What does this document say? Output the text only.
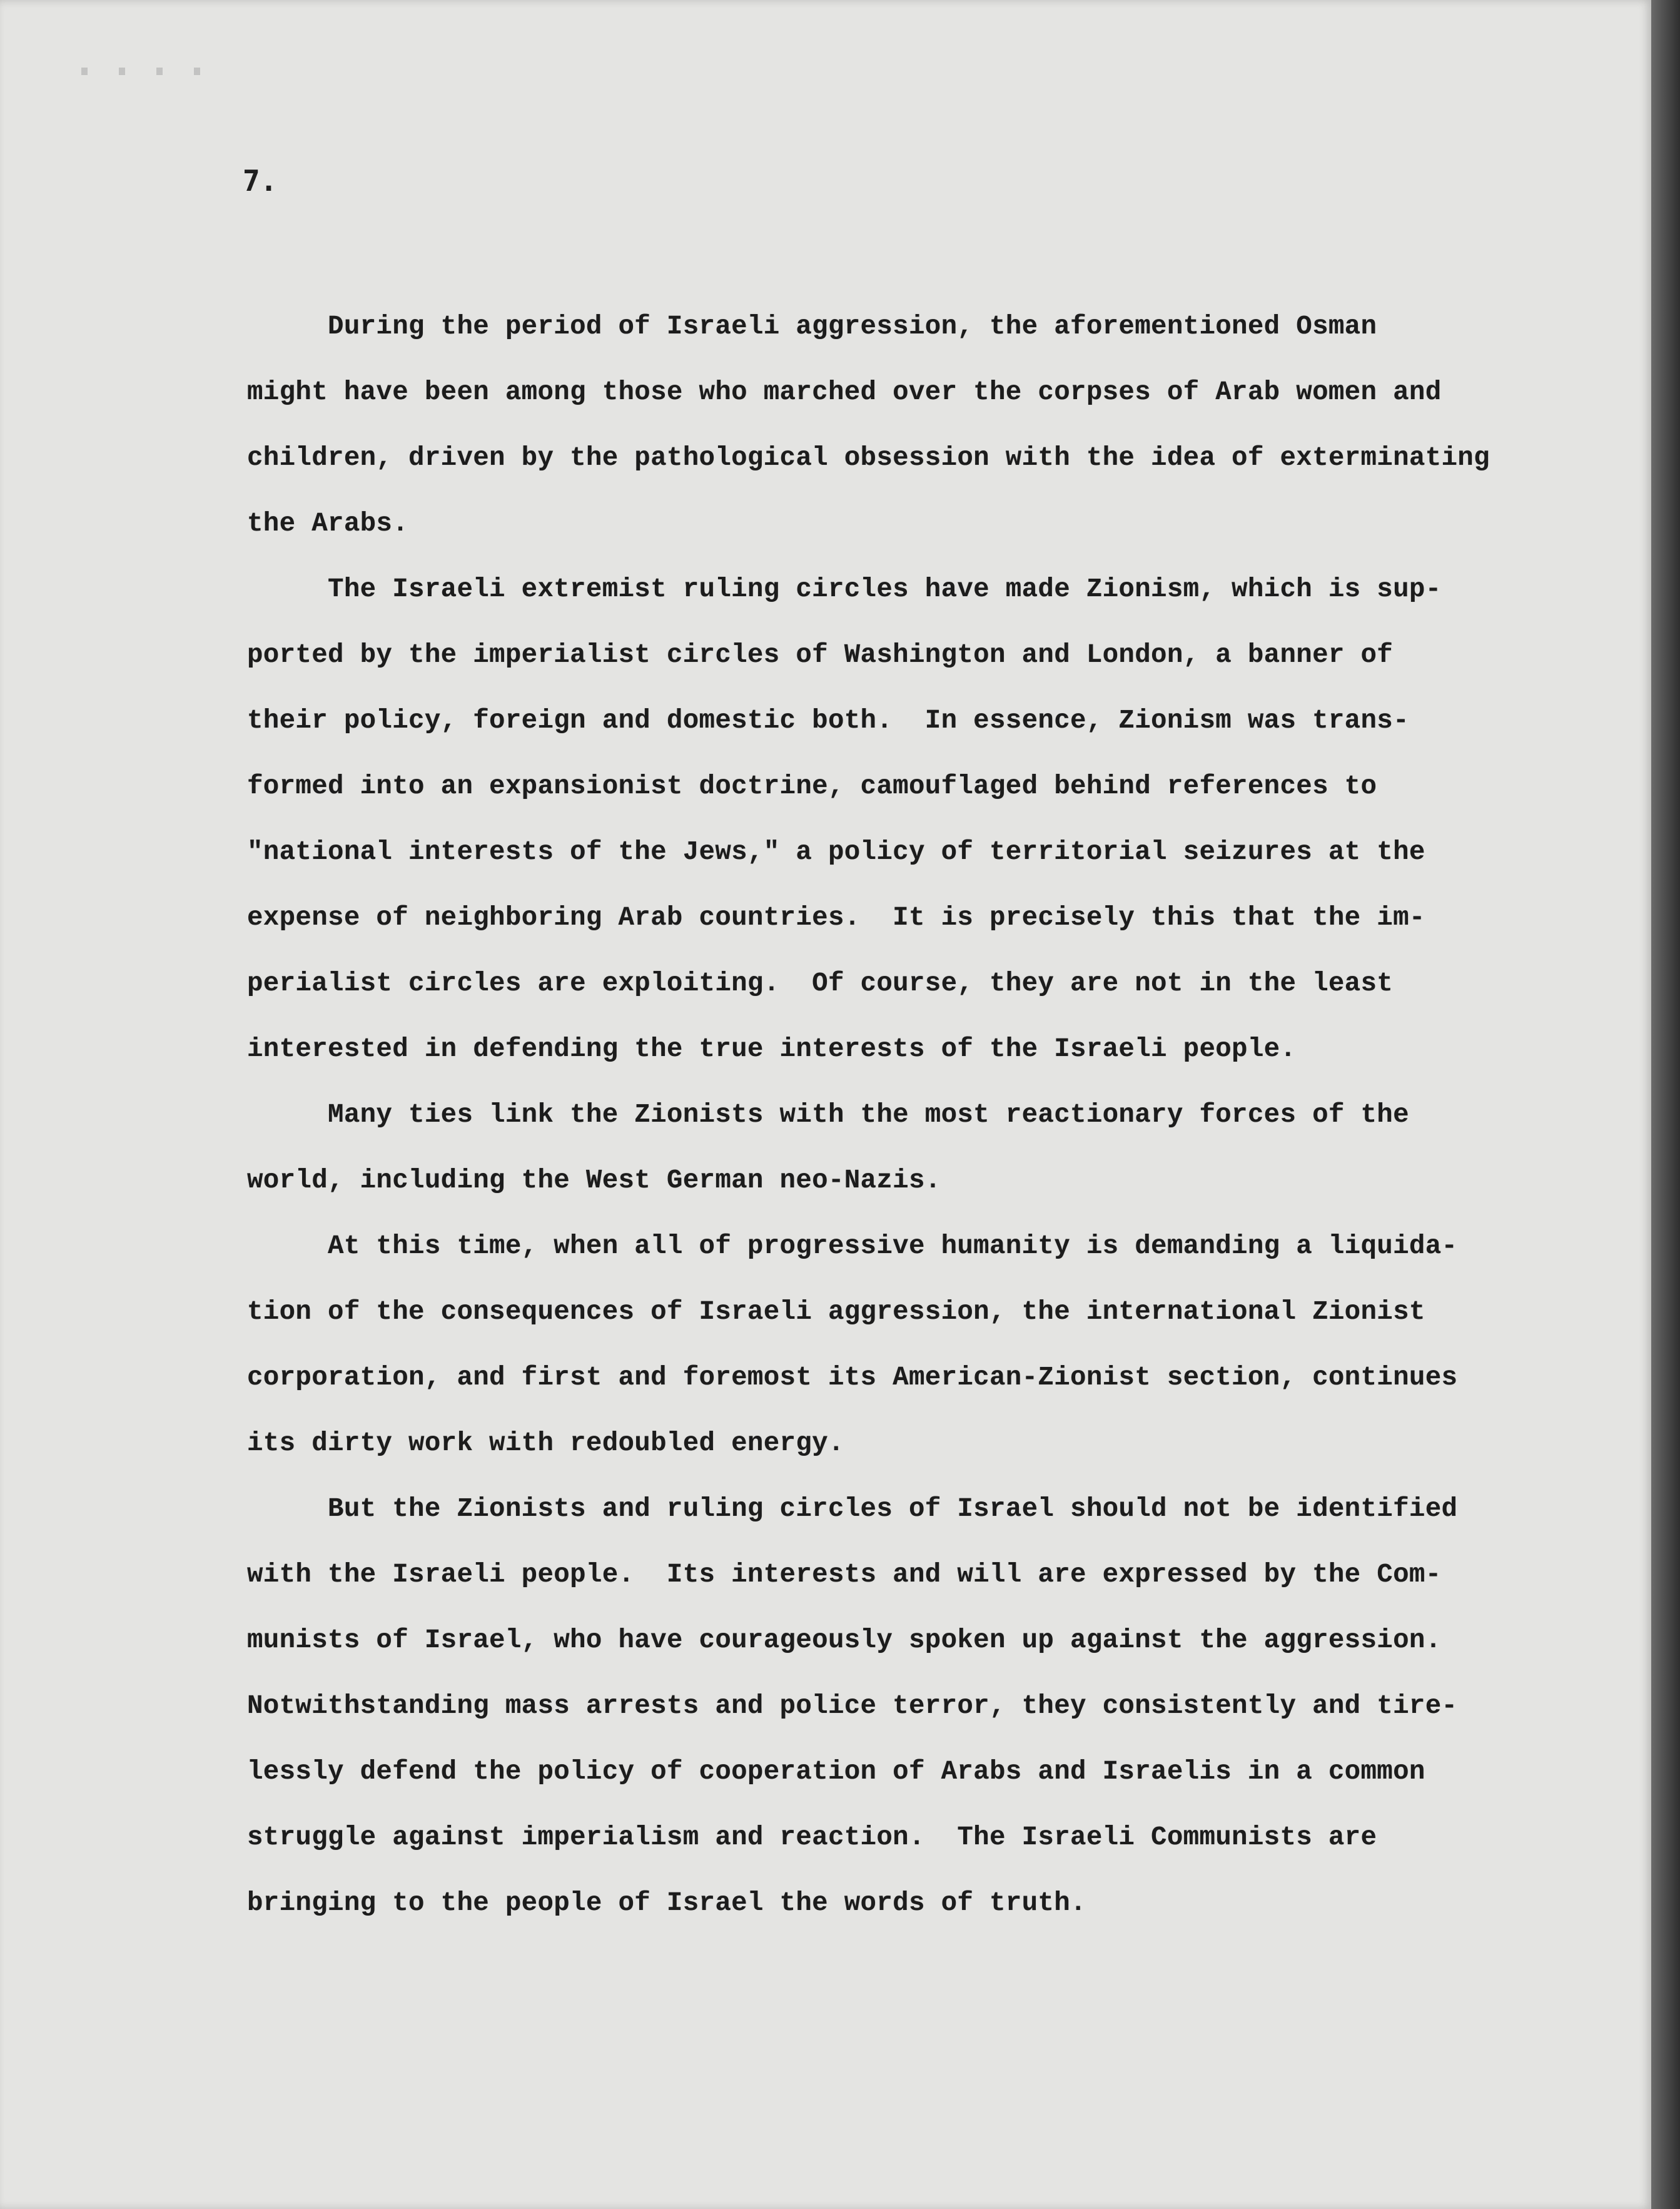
7.
During the period of Israeli aggression, the aforementioned Osman
might have been among those who marched over the corpses of Arab women and
children, driven by the pathological obsession with the idea of exterminating
the Arabs.
The Israeli extremist ruling circles have made Zionism, which is sup-
ported by the imperialist circles of Washington and London, a banner of
their policy, foreign and domestic both.  In essence, Zionism was trans-
formed into an expansionist doctrine, camouflaged behind references to
"national interests of the Jews," a policy of territorial seizures at the
expense of neighboring Arab countries.  It is precisely this that the im-
perialist circles are exploiting.  Of course, they are not in the least
interested in defending the true interests of the Israeli people.
Many ties link the Zionists with the most reactionary forces of the
world, including the West German neo-Nazis.
At this time, when all of progressive humanity is demanding a liquida-
tion of the consequences of Israeli aggression, the international Zionist
corporation, and first and foremost its American-Zionist section, continues
its dirty work with redoubled energy.
But the Zionists and ruling circles of Israel should not be identified
with the Israeli people.  Its interests and will are expressed by the Com-
munists of Israel, who have courageously spoken up against the aggression.
Notwithstanding mass arrests and police terror, they consistently and tire-
lessly defend the policy of cooperation of Arabs and Israelis in a common
struggle against imperialism and reaction.  The Israeli Communists are
bringing to the people of Israel the words of truth.
